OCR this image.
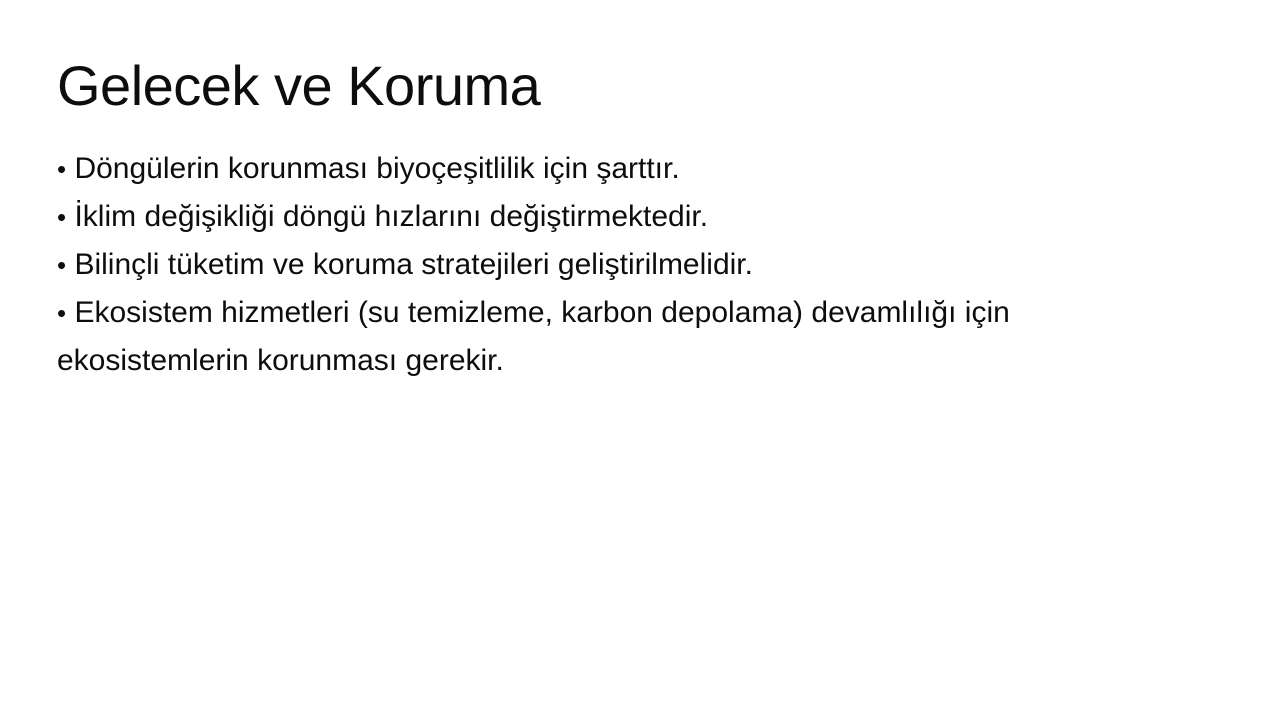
Gelecek ve Koruma

• Döngülerin korunması biyoçeşitlilik için şarttır.

• İklim değişikliği döngü hızlarını değiştirmektedir.

• Bilinçli tüketim ve koruma stratejileri geliştirilmelidir.

• Ekosistem hizmetleri (su temizleme, karbon depolama) devamlılığı için ekosistemlerin korunması gerekir.
